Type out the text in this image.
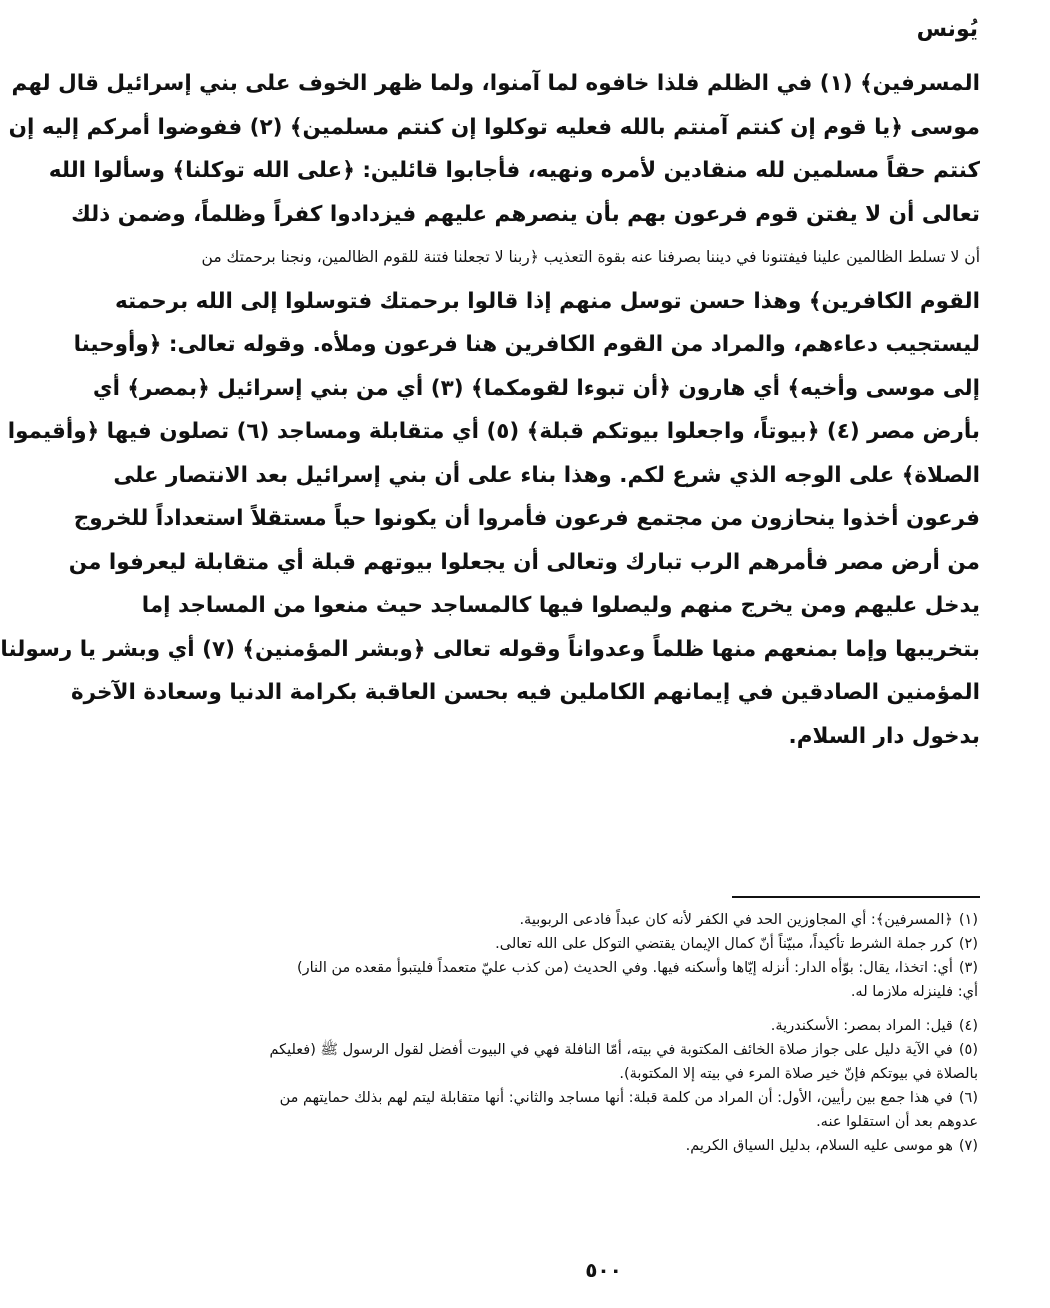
يُونس
المسرفين﴾ (١) في الظلم فلذا خافوه لما آمنوا، ولما ظهر الخوف على بني إسرائيل قال لهم
موسى ﴿يا قوم إن كنتم آمنتم بالله فعليه توكلوا إن كنتم مسلمين﴾ (٢) ففوضوا أمركم إليه إن
كنتم حقاً مسلمين لله منقادين لأمره ونهيه، فأجابوا قائلين: ﴿على الله توكلنا﴾ وسألوا الله
تعالى أن لا يفتن قوم فرعون بهم بأن ينصرهم عليهم فيزدادوا كفراً وظلماً، وضمن ذلك
أن لا تسلط الظالمين علينا فيفتنونا في ديننا بصرفنا عنه بقوة التعذيب ﴿ربنا لا تجعلنا فتنة للقوم الظالمين، ونجنا برحمتك من
القوم الكافرين﴾ وهذا حسن توسل منهم إذا قالوا برحمتك فتوسلوا إلى الله برحمته
ليستجيب دعاءهم، والمراد من القوم الكافرين هنا فرعون وملأه. وقوله تعالى: ﴿وأوحينا
إلى موسى وأخيه﴾ أي هارون ﴿أن تبوءا لقومكما﴾ (٣) أي من بني إسرائيل ﴿بمصر﴾ أي
بأرض مصر (٤) ﴿بيوتاً، واجعلوا بيوتكم قبلة﴾ (٥) أي متقابلة ومساجد (٦) تصلون فيها ﴿وأقيموا
الصلاة﴾ على الوجه الذي شرع لكم. وهذا بناء على أن بني إسرائيل بعد الانتصار على
فرعون أخذوا ينحازون من مجتمع فرعون فأمروا أن يكونوا حياً مستقلاً استعداداً للخروج
من أرض مصر فأمرهم الرب تبارك وتعالى أن يجعلوا بيوتهم قبلة أي متقابلة ليعرفوا من
يدخل عليهم ومن يخرج منهم وليصلوا فيها كالمساجد حيث منعوا من المساجد إما
بتخريبها وإما بمنعهم منها ظلماً وعدواناً وقوله تعالى ﴿وبشر المؤمنين﴾ (٧) أي وبشر يا رسولنا
المؤمنين الصادقين في إيمانهم الكاملين فيه بحسن العاقبة بكرامة الدنيا وسعادة الآخرة
بدخول دار السلام.
(١)﴿المسرفين﴾: أي المجاوزين الحد في الكفر لأنه كان عبداً فادعى الربوبية.
(٢)كرر جملة الشرط تأكيداً، مبيّناً أنّ كمال الإيمان يقتضي التوكل على الله تعالى.
(٣)أي: اتخذا، يقال: بوّأه الدار: أنزله إيّاها وأسكنه فيها. وفي الحديث (من كذب عليّ متعمداً فليتبوأ مقعده من النار)
أي: فلينزله ملازما له.
(٤)قيل: المراد بمصر: الأسكندرية.
(٥)في الآية دليل على جواز صلاة الخائف المكتوبة في بيته، أمّا النافلة فهي في البيوت أفضل لقول الرسول ﷺ (فعليكم
بالصلاة في بيوتكم فإنّ خير صلاة المرء في بيته إلا المكتوبة).
(٦)في هذا جمع بين رأيين، الأول: أن المراد من كلمة قبلة: أنها مساجد والثاني: أنها متقابلة ليتم لهم بذلك حمايتهم من
عدوهم بعد أن استقلوا عنه.
(٧)هو موسى عليه السلام، بدليل السياق الكريم.
٥٠٠
